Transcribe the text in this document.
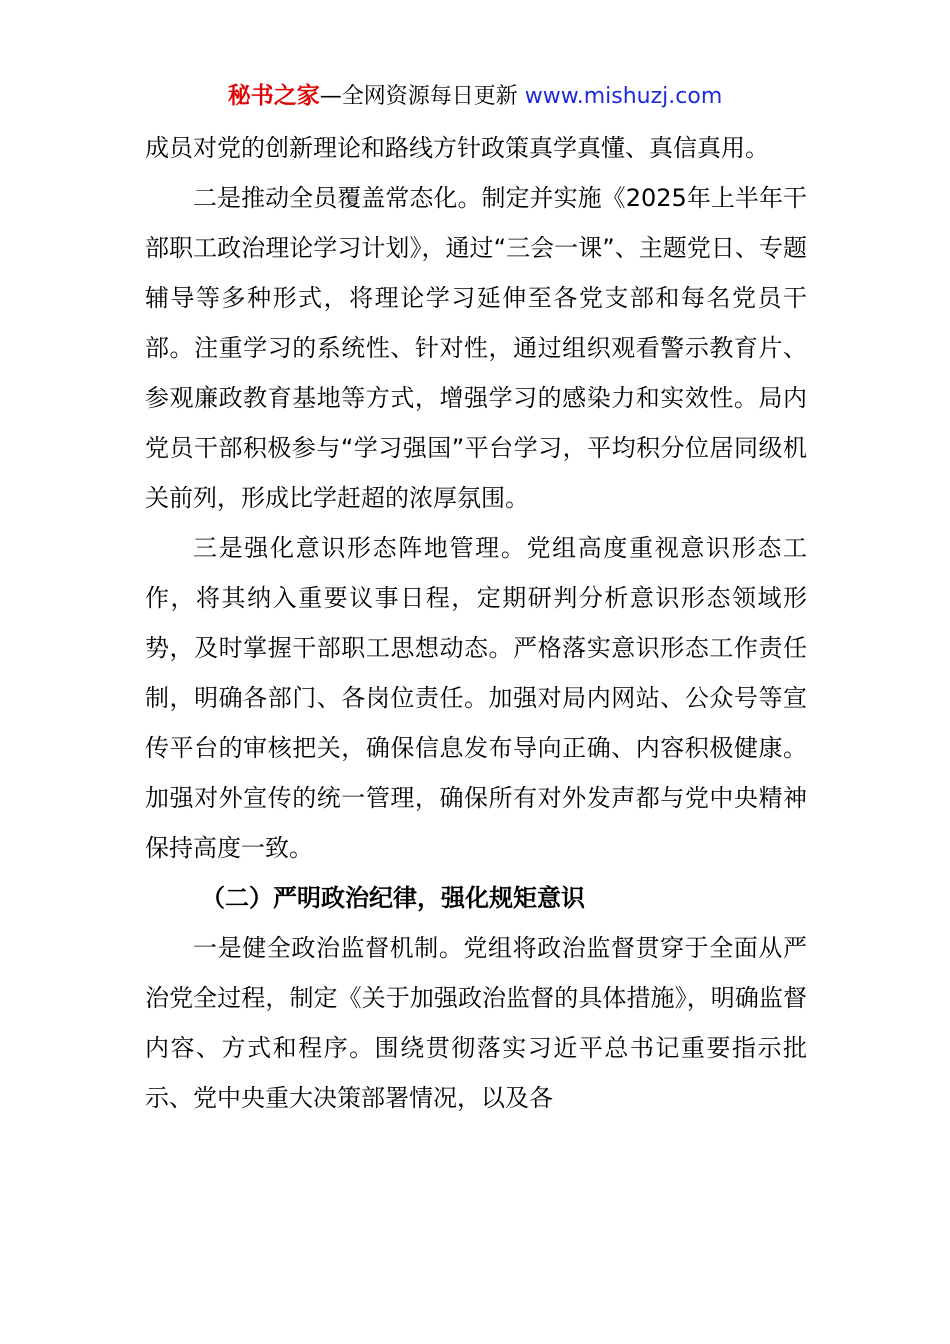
秘书之家—全网资源每日更新 www.mishuzj.com

成员对党的创新理论和路线方针政策真学真懂、真信真用。

二是推动全员覆盖常态化。制定并实施《2025年上半年干部职工政治理论学习计划》，通过“三会一课”、主题党日、专题辅导等多种形式，将理论学习延伸至各党支部和每名党员干部。注重学习的系统性、针对性，通过组织观看警示教育片、参观廉政教育基地等方式，增强学习的感染力和实效性。局内党员干部积极参与“学习强国”平台学习，平均积分位居同级机关前列，形成比学赶超的浓厚氛围。

三是强化意识形态阵地管理。党组高度重视意识形态工作，将其纳入重要议事日程，定期研判分析意识形态领域形势，及时掌握干部职工思想动态。严格落实意识形态工作责任制，明确各部门、各岗位责任。加强对局内网站、公众号等宣传平台的审核把关，确保信息发布导向正确、内容积极健康。加强对外宣传的统一管理，确保所有对外发声都与党中央精神保持高度一致。

（二）严明政治纪律，强化规矩意识

一是健全政治监督机制。党组将政治监督贯穿于全面从严治党全过程，制定《关于加强政治监督的具体措施》，明确监督内容、方式和程序。围绕贯彻落实习近平总书记重要指示批示、党中央重大决策部署情况，以及各
